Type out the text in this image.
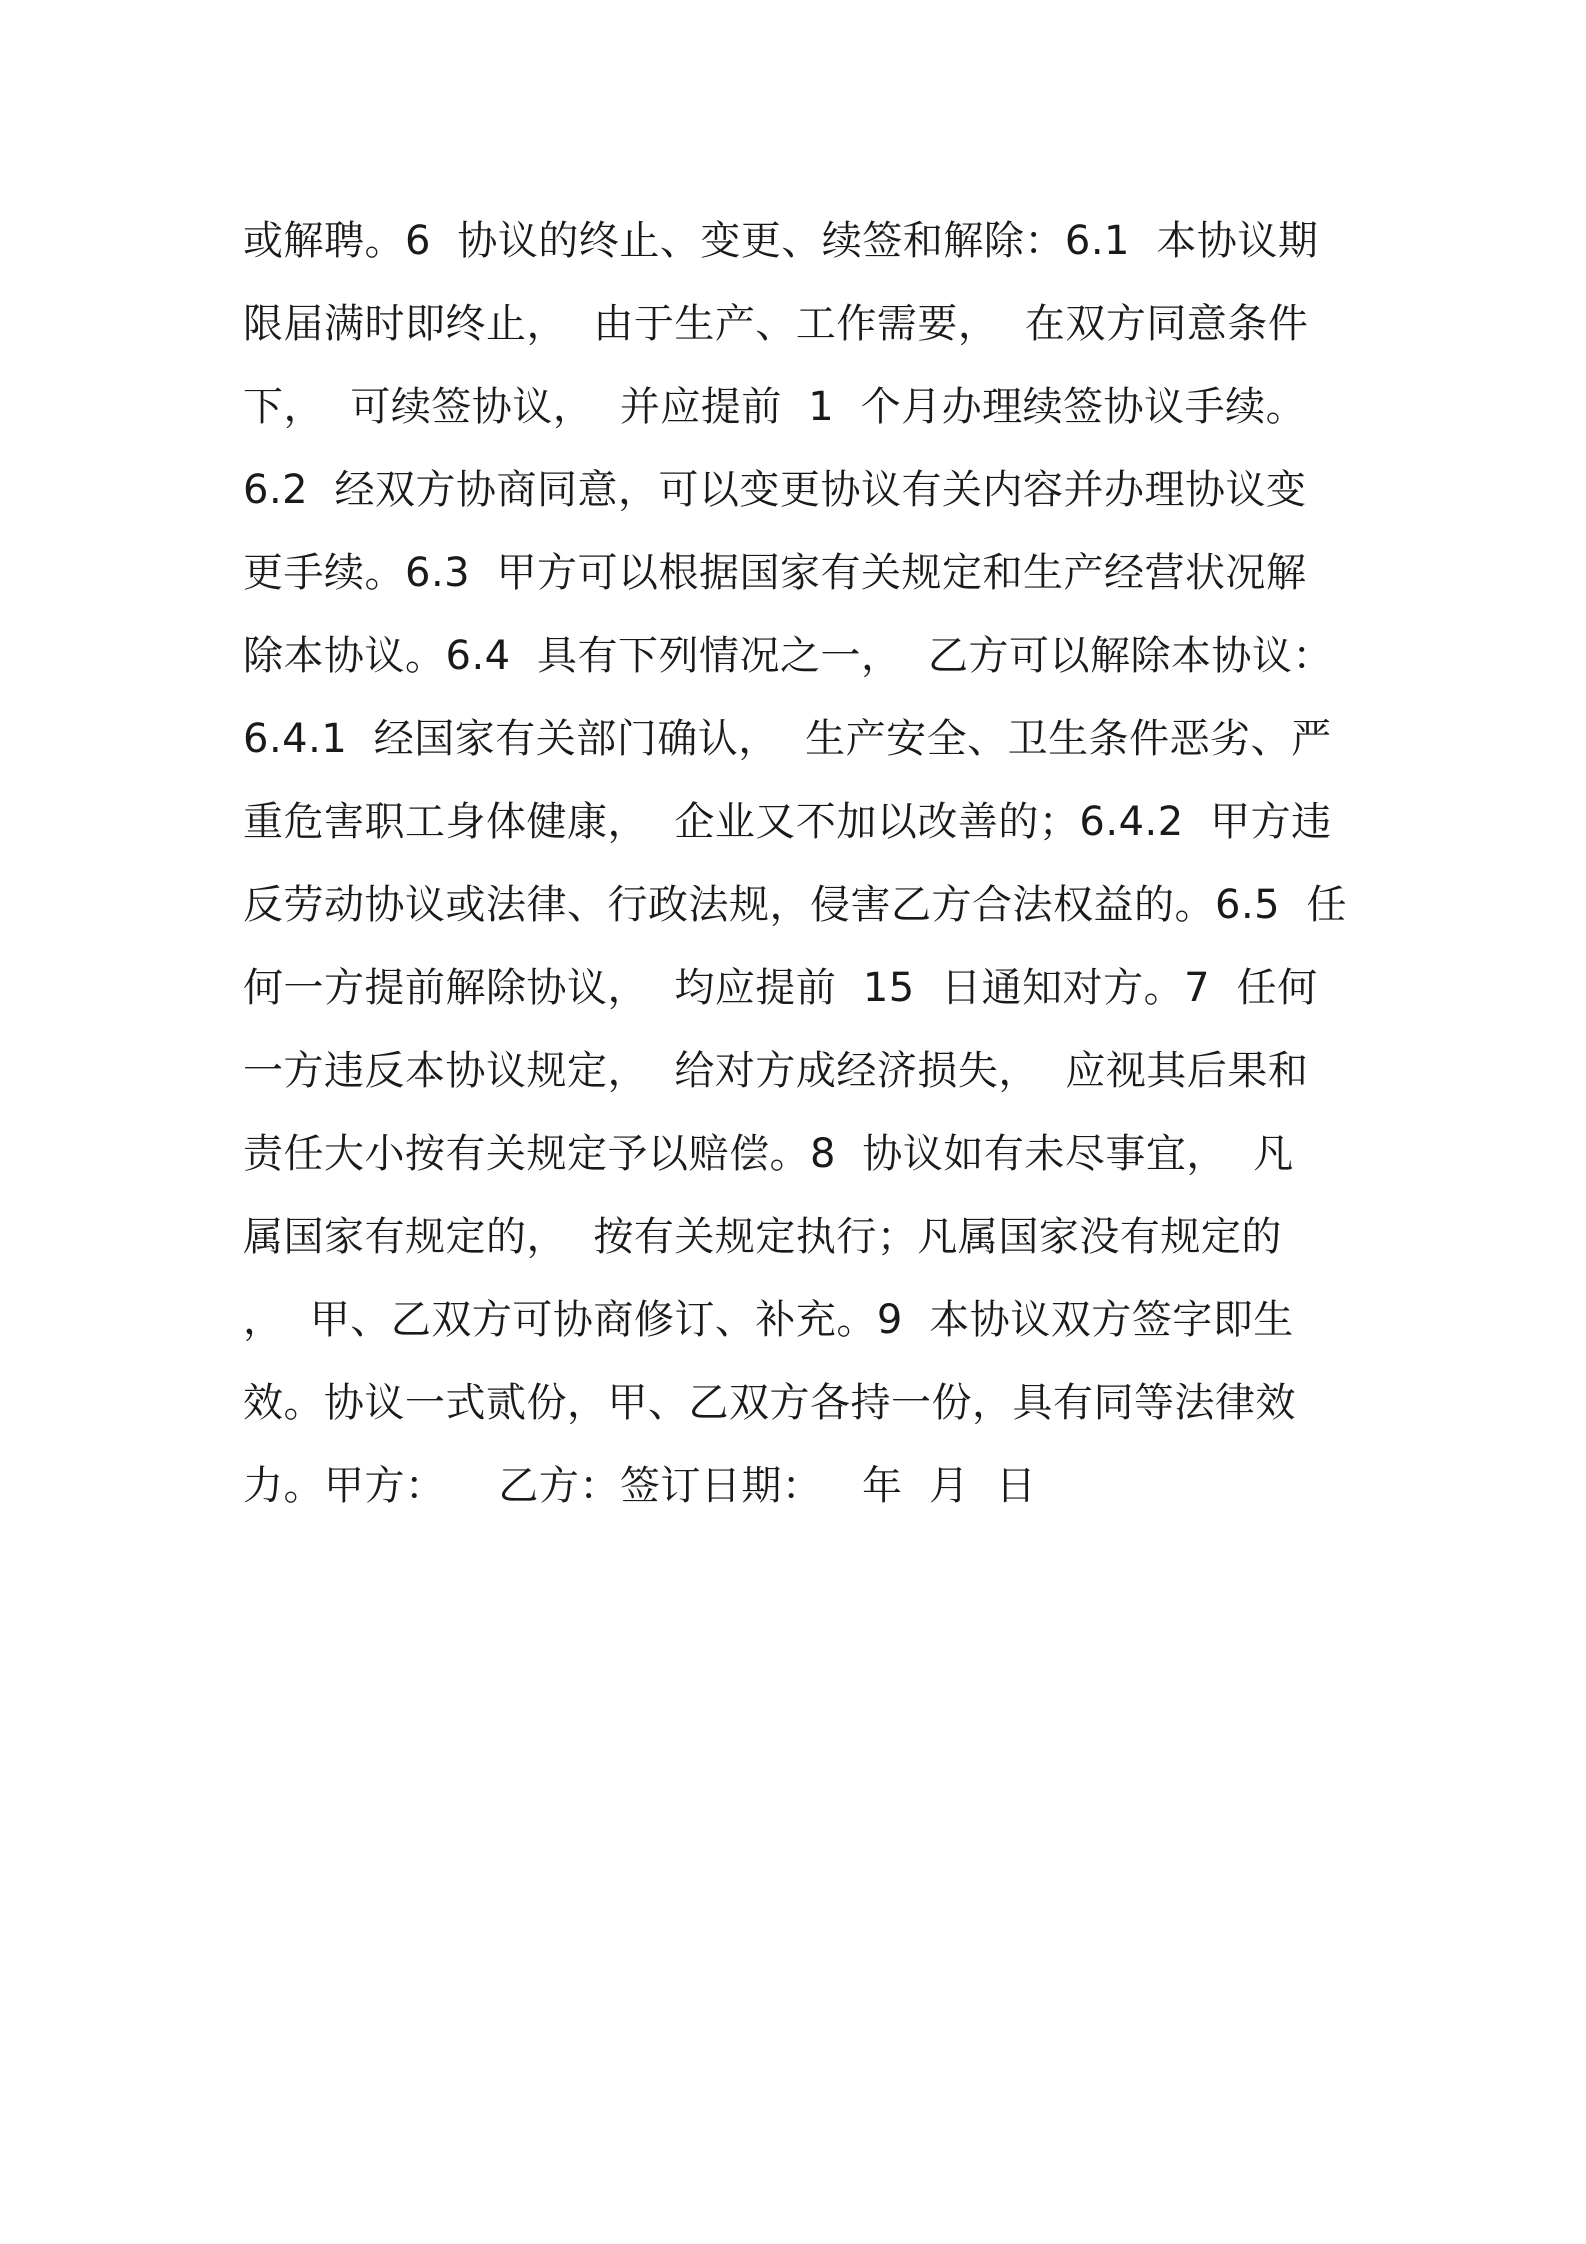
或解聘。6  协议的终止、变更、续签和解除：6.1  本协议期
限届满时即终止，  由于生产、工作需要，  在双方同意条件
下，  可续签协议，  并应提前  1  个月办理续签协议手续。
6.2  经双方协商同意，可以变更协议有关内容并办理协议变
更手续。6.3  甲方可以根据国家有关规定和生产经营状况解
除本协议。6.4  具有下列情况之一，  乙方可以解除本协议：
6.4.1  经国家有关部门确认，  生产安全、卫生条件恶劣、严
重危害职工身体健康，  企业又不加以改善的；6.4.2  甲方违
反劳动协议或法律、行政法规，侵害乙方合法权益的。6.5  任
何一方提前解除协议，  均应提前  15  日通知对方。7  任何
一方违反本协议规定，  给对方成经济损失，  应视其后果和
责任大小按有关规定予以赔偿。8  协议如有未尽事宜，  凡
属国家有规定的，  按有关规定执行；凡属国家没有规定的
，  甲、乙双方可协商修订、补充。9  本协议双方签字即生
效。协议一式贰份，甲、乙双方各持一份，具有同等法律效
力。甲方：    乙方：签订日期：   年  月  日
